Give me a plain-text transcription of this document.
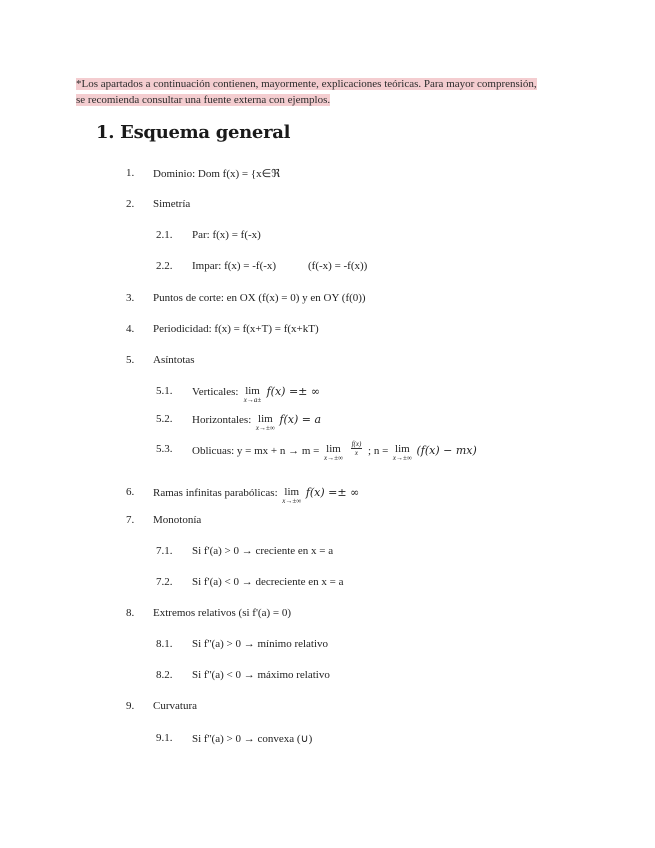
*Los apartados a continuación contienen, mayormente, explicaciones teóricas. Para mayor comprensión,
se recomienda consultar una fuente externa con ejemplos.
1. Esquema general
1. Dominio: Dom f(x) = {x∈ℜ
2. Simetría
2.1. Par: f(x) = f(-x)
2.2. Impar: f(x) = -f(-x)	(f(-x) = -f(x))
3. Puntos de corte: en OX (f(x) = 0) y en OY (f(0))
4. Periodicidad: f(x) = f(x+T) = f(x+kT)
5. Asíntotas
5.1. Verticales: lim
x→a±
f(x) =± ∞
5.2. Horizontales: lim
x→±∞
f(x) = a
5.3. Oblicuas: y = mx + n → m = lim
x→±∞

$\frac{f(x)}{x}$ ; n = lim
x→±∞
(f(x) − mx)
6. Ramas infinitas parabólicas: lim
x→±∞
f(x) =± ∞
7. Monotonía
7.1. Si f'(a) > 0 → creciente en x = a
7.2. Si f'(a) < 0 → decreciente en x = a
8. Extremos relativos (si f'(a) = 0)
8.1. Si f''(a) > 0 → mínimo relativo
8.2. Si f''(a) < 0 → máximo relativo
9. Curvatura
9.1. Si f''(a) > 0 → convexa (∪)
